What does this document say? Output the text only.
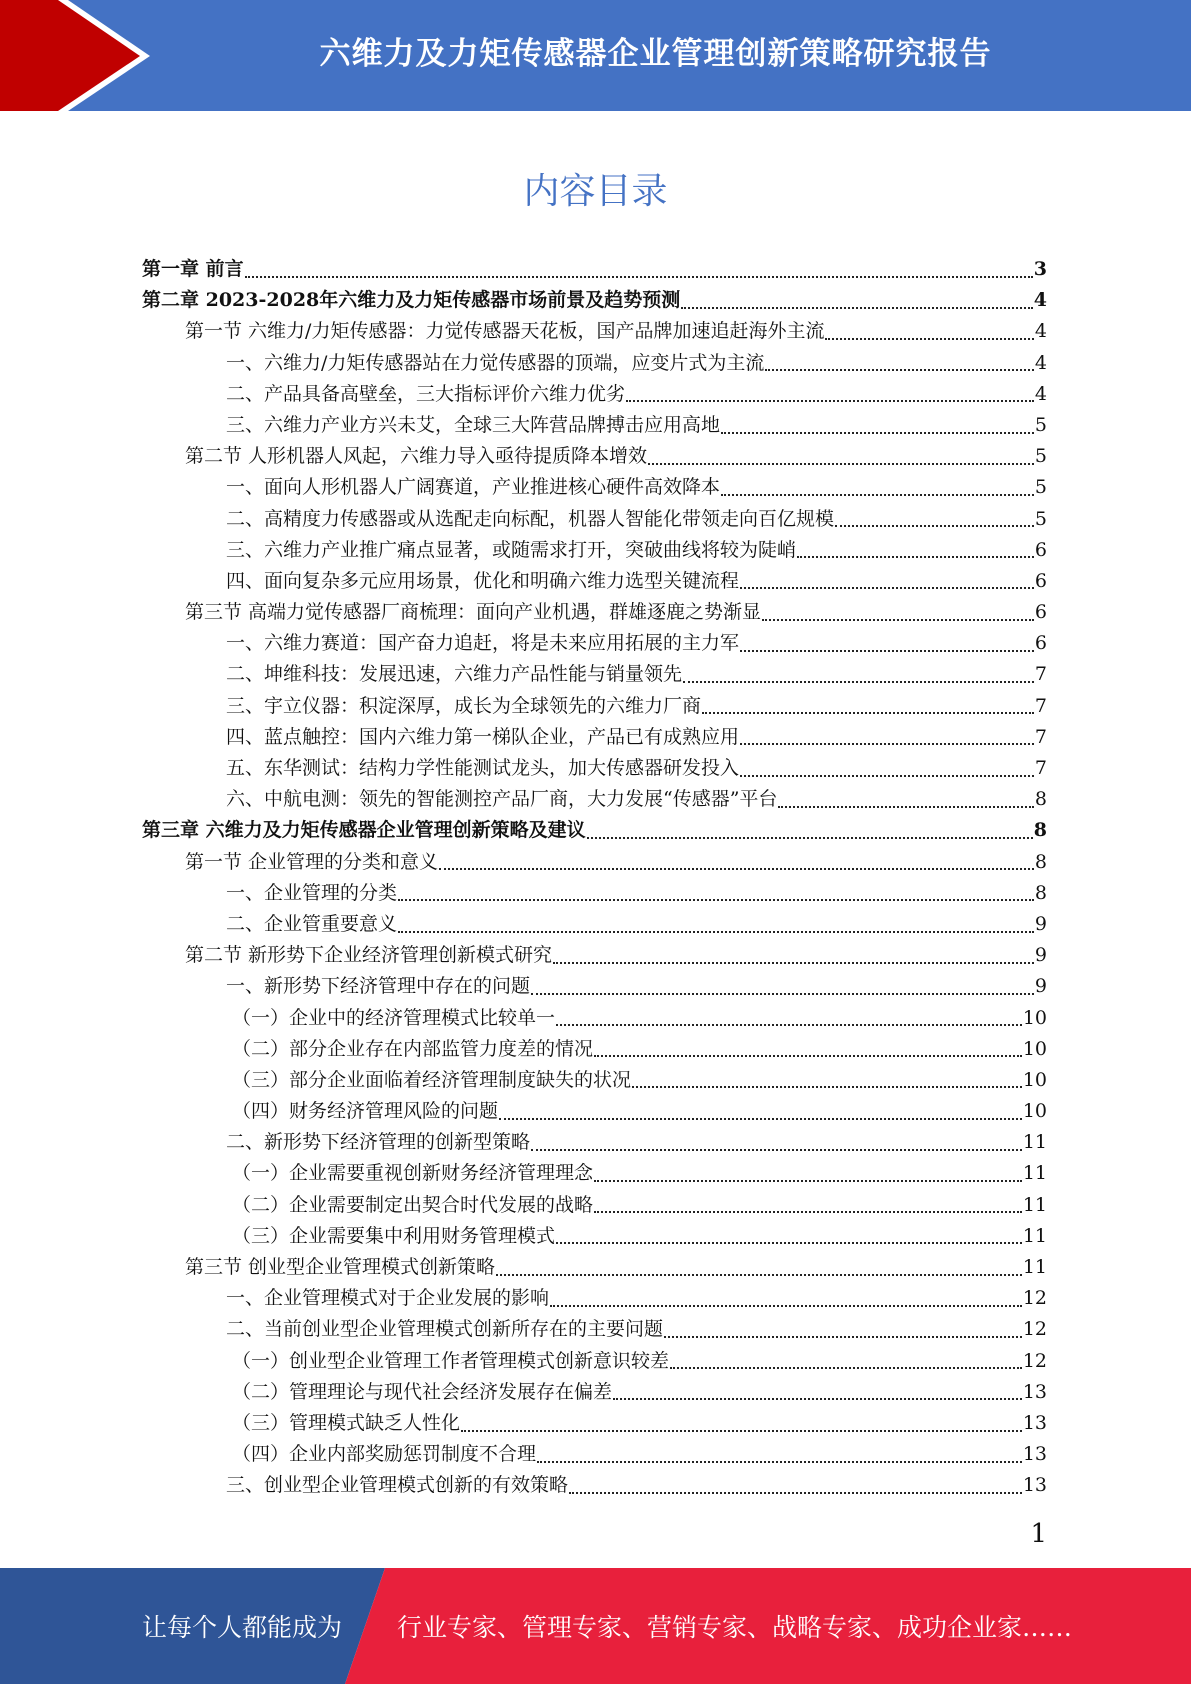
六维力及力矩传感器企业管理创新策略研究报告
内容目录
第一章 前言	3
第二章 2023-2028年六维力及力矩传感器市场前景及趋势预测	4
第一节 六维力/力矩传感器：力觉传感器天花板，国产品牌加速追赶海外主流	4
一、六维力/力矩传感器站在力觉传感器的顶端，应变片式为主流	4
二、产品具备高壁垒，三大指标评价六维力优劣	4
三、六维力产业方兴未艾，全球三大阵营品牌搏击应用高地	5
第二节 人形机器人风起，六维力导入亟待提质降本增效	5
一、面向人形机器人广阔赛道，产业推进核心硬件高效降本	5
二、高精度力传感器或从选配走向标配，机器人智能化带领走向百亿规模	5
三、六维力产业推广痛点显著，或随需求打开，突破曲线将较为陡峭	6
四、面向复杂多元应用场景，优化和明确六维力选型关键流程	6
第三节 高端力觉传感器厂商梳理：面向产业机遇，群雄逐鹿之势渐显	6
一、六维力赛道：国产奋力追赶，将是未来应用拓展的主力军	6
二、坤维科技：发展迅速，六维力产品性能与销量领先	7
三、宇立仪器：积淀深厚，成长为全球领先的六维力厂商	7
四、蓝点触控：国内六维力第一梯队企业，产品已有成熟应用	7
五、东华测试：结构力学性能测试龙头，加大传感器研发投入	7
六、中航电测：领先的智能测控产品厂商，大力发展“传感器”平台	8
第三章 六维力及力矩传感器企业管理创新策略及建议	8
第一节 企业管理的分类和意义	8
一、企业管理的分类	8
二、企业管重要意义	9
第二节 新形势下企业经济管理创新模式研究	9
一、新形势下经济管理中存在的问题	9
（一）企业中的经济管理模式比较单一	10
（二）部分企业存在内部监管力度差的情况	10
（三）部分企业面临着经济管理制度缺失的状况	10
（四）财务经济管理风险的问题	10
二、新形势下经济管理的创新型策略	11
（一）企业需要重视创新财务经济管理理念	11
（二）企业需要制定出契合时代发展的战略	11
（三）企业需要集中利用财务管理模式	11
第三节 创业型企业管理模式创新策略	11
一、企业管理模式对于企业发展的影响	12
二、当前创业型企业管理模式创新所存在的主要问题	12
（一）创业型企业管理工作者管理模式创新意识较差	12
（二）管理理论与现代社会经济发展存在偏差	13
（三）管理模式缺乏人性化	13
（四）企业内部奖励惩罚制度不合理	13
三、创业型企业管理模式创新的有效策略	13
1
让每个人都能成为 行业专家、管理专家、营销专家、战略专家、成功企业家……
